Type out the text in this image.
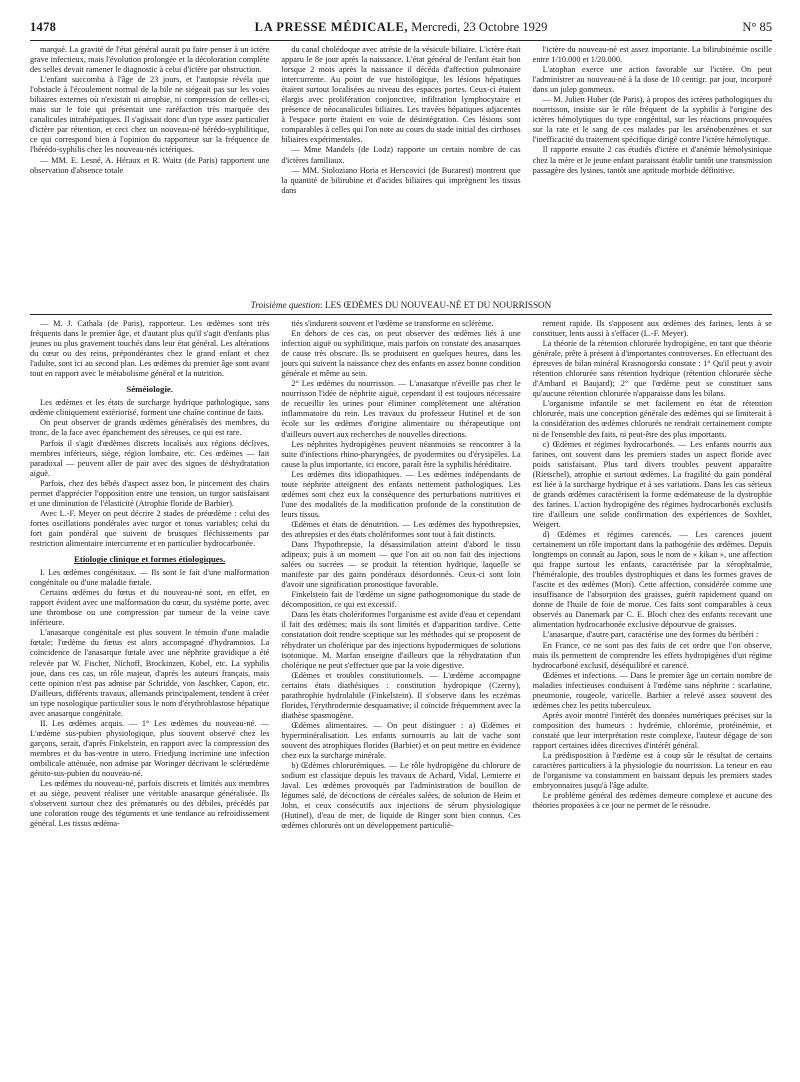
1478	LA PRESSE MÉDICALE, Mercredi, 23 Octobre 1929	N° 85

marqué. La gravité de l'état général aurait pu faire penser à un ictère grave infectieux, mais l'évolution prolongée et la décoloration complète des selles devait ramener le diagnostic à celui d'ictère par obstruction.

L'enfant succomba à l'âge de 23 jours, et l'autopsie révéla que l'obstacle à l'écoulement normal de la bile ne siégeait pas sur les voies biliaires externes où n'existait ni atrophie, ni compression de celles-ci, mais sur le foie qui présentait une raréfaction très marquée des canalicules intrahépatiques. Il s'agissait donc d'un type assez particulier d'ictère par rétention, et ceci chez un nouveau-né hérédo-syphilitique, ce qui correspond bien à l'opinion du rapporteur sur la fréquence de l'hérédo-syphilis chez les nouveau-nés ictériques.

— MM. E. Lesné, A. Héraux et R. Waitz (de Paris) rapportent une observation d'absence totale

du canal cholédoque avec atrésie de la vésicule biliaire. L'ictère était apparu le 8e jour après la naissance. L'état général de l'enfant était bon lorsque 2 mois après la naissance il décéda d'affection pulmonaire intercurrente. Au point de vue histologique, les lésions hépatiques étaient surtout localisées au niveau des espaces portes. Ceux-ci étaient élargis avec prolifération conjonctive, infiltration lymphocytaire et présence de néocanalicules biliaires. Les travées hépatiques adjacentes à l'espace porte étaient en voie de désintégration. Ces lésions sont comparables à celles qui l'on note au cours du stade initial des cirrhoses biliaires expérimentales.

— Mme Mandels (de Lodz) rapporte un certain nombre de cas d'ictères familiaux.

— MM. Sioloziano Horia et Herscovici (de Bucarest) montrent que la quantité de bilirubine et d'acides biliaires qui imprègnent les tissus dans

l'ictère du nouveau-né est assez importante. La bilirubinémie oscille entre 1/10.000 et 1/20.000.

L'atophan exerce une action favorable sur l'ictère. On peut l'administrer au nouveau-né à la dose de 10 centigr. par jour, incorporé dans un julep gommeux.

— M. Julien Huber (de Paris), à propos des ictères pathologiques du nourrisson, insiste sur le rôle fréquent de la syphilis à l'origine des ictères hémolytiques du type congénital, sur les réactions provoquées sur la rate et le sang de ces malades par les arsénobenzènes et sur l'inefficacité du traitement spécifique dirigé contre l'ictère hémolytique.

Il rapporte ensuite 2 cas étudiés d'ictère et d'anémie hémolysinique chez la mère et le jeune enfant paraissant établir tantôt une transmission passagère des lysines, tantôt une aptitude morbide définitive.

Troisième question: LES ŒDÈMES DU NOUVEAU-NÉ ET DU NOURRISSON

— M. J. Cathala (de Paris), rapporteur. Les œdèmes sont très fréquents dans le premier âge, et d'autant plus qu'il s'agit d'enfants plus jeunes ou plus gravement touchés dans leur état général. Les altérations du cœur ou des reins, prépondérantes chez le grand enfant et chez l'adulte, sont ici au second plan. Les œdèmes du premier âge sont avant tout en rapport avec le métabolisme général et la nutrition.

Séméiologie.

Les œdèmes et les états de surcharge hydrique pathologique, sans œdème cliniquement extériorisé, forment une chaîne continue de faits.

On peut observer de grands œdèmes généralisés des membres, du tronc, de la face avec épanchement des séreuses, ce qui est rare.

Parfois il s'agit d'œdèmes discrets localisés aux régions déclives, membres inférieurs, siège, région lombaire, etc. Ces œdèmes — fait paradoxal — peuvent aller de pair avec des signes de déshydratation aiguë.

Parfois, chez des bébés d'aspect assez bon, le pincement des chairs permet d'apprécier l'opposition entre une tension, un turgor satisfaisant et une diminution de l'élasticité (Atrophie floride de Barbier).

Avec L.-F. Meyer on peut décrire 2 stades de préœdème : celui des fortes oscillations pondérales avec turgor et tonus variables; celui du fort gain pondéral que suivent de brusques fléchissements par restriction alimentaire intercurrente et en particulier hydrocarbonée.

Etiologie clinique et formes étiologiques.

I. Les œdèmes congénitaux. — Ils sont le fait d'une malformation congénitale ou d'une maladie fœtale.

Certains œdèmes du fœtus et du nouveau-né sont, en effet, en rapport évident avec une malformation du cœur, du système porte, avec une thrombose ou une compression par tumeur de la veine cave inférieure.

L'anasarque congénitale est plus souvent le témoin d'une maladie fœtale; l'œdème du fœtus est alors accompagné d'hydramnios. La coïncidence de l'anasarque fœtale avec une néphrite gravidique a été relevée par W. Fischer, Nichoff, Brockinzen, Kobel, etc. La syphilis joue, dans ces cas, un rôle majeur, d'après les auteurs français, mais cette opinion n'est pas admise par Schridde, von Jaschker, Capon, etc. D'ailleurs, différents travaux, allemands principalement, tendent à créer un type nosologique particulier sous le nom d'érythroblastose hépatique avec anasarque congénitale.

II. Les œdèmes acquis. — 1° Les œdèmes du nouveau-né. — L'œdème sus-pubien physiologique, plus souvent observé chez les garçons, serait, d'après Finkelstein, en rapport avec la compression des membres et du bas-ventre in utero. Friedjung incrimine une infection ombilicale atténuée, non admise par Woringer décrivant le sclérœdème génito-sus-pubien du nouveau-né.

Les œdèmes du nouveau-né, parfois discrets et limités aux membres et au siège, peuvent réaliser une véritable anasarque généralisée. Ils s'observent surtout chez des prématurés ou des débiles, précédés par une coloration rouge des téguments et une tendance au refroidissement général. Les tissus œdéma-

tiés s'indurent souvent et l'œdème se transforme en sclérème.

En dehors de ces cas, on peut observer des œdèmes liés à une infection aiguë ou syphilitique, mais parfois on constate des anasarques de cause très obscure. Ils se produisent en quelques heures, dans les jours qui suivent la naissance chez des enfants en assez bonne condition générale et même au sein.

2° Les œdèmes du nourrisson. — L'anasarque n'éveille pas chez le nourrisson l'idée de néphrite aiguë, cependant il est toujours nécessaire de recueillir les urines pour éliminer complètement une altération inflammatoire du rein. Les travaux du professeur Hutinel et de son école sur les œdèmes d'origine alimentaire ou thérapeutique ont d'ailleurs ouvert aux recherches de nouvelles directions.

Les néphrites hydropigènes peuvent néanmoins se rencontrer à la suite d'infections rhino-pharyngées, de pyodermites ou d'érysipèles. La cause la plus importante, ici encore, paraît être la syphilis héréditaire.

Les œdèmes dits idiopathiques. — Les œdèmes indépendants de toute néphrite atteignent des enfants nettement pathologiques. Les œdèmes sont chez eux la conséquence des perturbations nutritives et l'une des modalités de la modification profonde de la constitution de leurs tissus.

Œdèmes et états de dénutrition. — Les œdèmes des hypothrepsies, des athrepsies et des états cholériformes sont tout à fait distincts.

Dans l'hypothrepsie, la désassimilation atteint d'abord le tissu adipeux; puis à un moment — que l'on ait ou non fait des injections salées ou sucrées — se produit la rétention hydrique, laquelle se manifeste par des gains pondéraux désordonnés. Ceux-ci sont loin d'avoir une signification pronostique favorable.

Finkelstein fait de l'œdème un signe pathognomonique du stade de décomposition, ce qui est excessif.

Dans les états cholériformes l'organisme est avide d'eau et cependant il fait des œdèmes; mais ils sont limités et d'apparition tardive. Cette constatation doit rendre sceptique sur les méthodes qui se proposent de réhydrater un cholérique par des injections hypodermiques de solutions isotonique. M. Marfan enseigne d'ailleurs que la réhydratation d'un cholérique ne peut s'effectuer que par la voie digestive.

Œdèmes et troubles constitutionnels. — L'œdème accompagne certains états diathésiques : constitution hydropique (Czerny), parathrophie hydrolabile (Finkelstein). Il s'observe dans les eczémas florides, l'érythrodermie desquamative; il coïncide fréquemment avec la diathèse spasmogène.

Œdèmes alimentaires. — On peut distinguer : a) Œdèmes et hyperminéralisation. Les enfants surnourris au lait de vache sont souvent des atrophiques florides (Barbier) et on peut mettre en évidence chez eux la surcharge minérale.

b) Œdèmes chlorurémiques. — Le rôle hydropigène du chlorure de sodium est classique depuis les travaux de Achard, Vidal, Lemierre et Javal. Les œdèmes provoqués par l'administration de bouillon de légumes salé, de décoctions de céréales salées, de solution de Heim et John, et ceux consécutifs aux injections de sérum physiologique (Hutinel), d'eau de mer, de liquide de Ringer sont bien connus. Ces œdèmes chlorurés ont un développement particuliè-

rement rapide. Ils s'opposent aux œdèmes des farines, lents à se constituer, lents aussi à s'effacer (L.-F. Meyer).

La théorie de la rétention chlorurée hydropigène, en tant que théorie générale, prête à présent à d'importantes controverses. En effectuant des épreuves de bilan minéral Krasnogorski constate : 1° Qu'il peut y avoir rétention chlorurée sans rétention hydrique (rétention chlorurée sèche d'Ambard et Baujard); 2° que l'œdème peut se constituer sans qu'aucune rétention chlorurée n'apparaisse dans les bilans.

L'organisme infantile se met facilement en état de rétention chlorurée, mais une conception générale des œdèmes qui se limiterait à la considération des œdèmes chlorurés ne rendrait certainement compte ni de l'ensemble des faits, ni peut-être des plus importants.

c) Œdèmes et régimes hydrocarbonés. — Les enfants nourris aux farines, ont souvent dans les premiers stades un aspect floride avec poids satisfaisant. Plus tard divers troubles peuvent apparaître (Rietschel), atrophie et surtout œdèmes. La fragilité du gain pondéral est liée à la surcharge hydrique et à ses variations. Dans les cas sérieux de grands œdèmes caractérisent la forme œdémateuse de la dystrophie des farines. L'action hydropigène des régimes hydrocarbonés exclusifs tire d'ailleurs une solide confirmation des expériences de Soxhlet, Weigert.

d) Œdèmes et régimes carencés. — Les carences jouent certainement un rôle important dans la pathogénie des œdèmes. Depuis longtemps on connaît au Japon, sous le nom de « kikan », une affection qui frappe surtout les enfants, caractérisée par la xérophtalmie, l'héméralopie, des troubles dystrophiques et dans les formes graves de l'ascite et des œdèmes (Mori). Cette affection, considérée comme une insuffisance de l'absorption des graisses, guérit rapidement quand on donne de l'huile de foie de morue. Ces faits sont comparables à ceux observés au Danemark par C. E. Bloch chez des enfants recevant une alimentation hydrocarbonée exclusive dépourvue de graisses.

L'anasarque, d'autre part, caractérise une des formes du béribéri :

En France, ce ne sont pas des faits de cet ordre que l'on observe, mais ils permettent de comprendre les effets hydropigènes d'un régime hydrocarboné exclusif, déséquilibré et carencé.

Œdèmes et infections. — Dans le premier âge un certain nombre de maladies infectieuses conduisent à l'œdème sans néphrite : scarlatine, pneumonie, rougeole, varicelle. Barbier a relevé assez souvent des œdèmes chez les petits tuberculeux.

Après avoir montré l'intérêt des données numériques précises sur la composition des humeurs : hydrémie, chlorémie, protéinémie, et constaté que leur interprétation reste complexe, l'auteur dégage de son rapport certaines idées directives d'intérêt général.

La prédisposition à l'œdème est à coup sûr le résultat de certains caractères particuliers à la physiologie du nourrisson. La teneur en eau de l'organisme va constamment en baissant depuis les premiers stades embryonnaires jusqu'à l'âge adulte.

Le problème général des œdèmes demeure complexe et aucune des théories proposées à ce jour ne permet de le résoudre.
